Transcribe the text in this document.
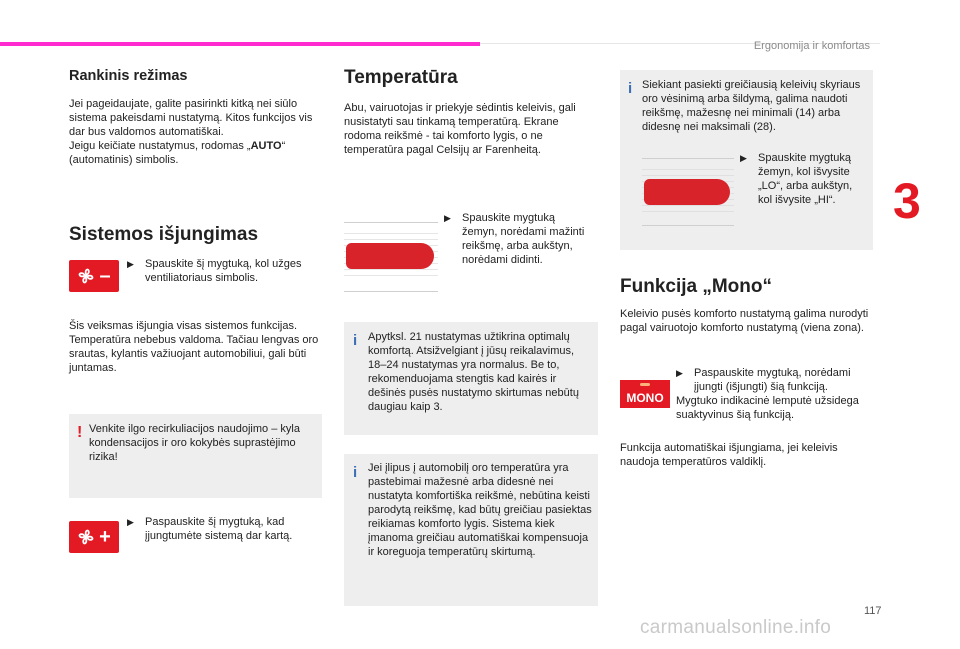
Ergonomija ir komfortas
3
Rankinis režimas
Jei pageidaujate, galite pasirinkti kitką nei siūlo sistema pakeisdami nustatymą. Kitos funkcijos vis dar bus valdomos automatiškai.
Jeigu keičiate nustatymus, rodomas „AUTO“ (automatinis) simbolis.
Sistemos išjungimas
–
▶ Spauskite šį mygtuką, kol užges ventiliatoriaus simbolis.
Šis veiksmas išjungia visas sistemos funkcijas. Temperatūra nebebus valdoma. Tačiau lengvas oro srautas, kylantis važiuojant automobiliui, gali būti juntamas.
! Venkite ilgo recirkuliacijos naudojimo – kyla kondensacijos ir oro kokybės suprastėjimo rizika!
+
▶ Paspauskite šį mygtuką, kad įjungtumėte sistemą dar kartą.
Temperatūra
Abu, vairuotojas ir priekyje sėdintis keleivis, gali nusistatyti sau tinkamą temperatūrą. Ekrane rodoma reikšmė - tai komforto lygis, o ne temperatūra pagal Celsijų ar Farenheitą.
▶ Spauskite mygtuką žemyn, norėdami mažinti reikšmę, arba aukštyn, norėdami didinti.
i Apytksl. 21 nustatymas užtikrina optimalų komfortą. Atsižvelgiant į jūsų reikalavimus, 18–24 nustatymas yra normalus. Be to, rekomenduojama stengtis kad kairės ir dešinės pusės nustatymo skirtumas nebūtų daugiau kaip 3.
i Jei įlipus į automobilį oro temperatūra yra pastebimai mažesnė arba didesnė nei nustatyta komfortiška reikšmė, nebūtina keisti parodytą reikšmę, kad būtų greičiau pasiektas reikiamas komforto lygis. Sistema kiek įmanoma greičiau automatiškai kompensuoja ir koreguoja temperatūrų skirtumą.
i Siekiant pasiekti greičiausią keleivių skyriaus oro vėsinimą arba šildymą, galima naudoti reikšmę, mažesnę nei minimali (14) arba didesnę nei maksimali (28).
▶ Spauskite mygtuką žemyn, kol išvysite „LO“, arba aukštyn, kol išvysite „HI“.
Funkcija „Mono“
Keleivio pusės komforto nustatymą galima nurodyti pagal vairuotojo komforto nustatymą (viena zona).
MONO
▶ Paspauskite mygtuką, norėdami įjungti (išjungti) šią funkciją.
Mygtuko indikacinė lemputė užsidega suaktyvinus šią funkciją.
Funkcija automatiškai išjungiama, jei keleivis naudoja temperatūros valdiklį.
117
carmanualsonline.info
